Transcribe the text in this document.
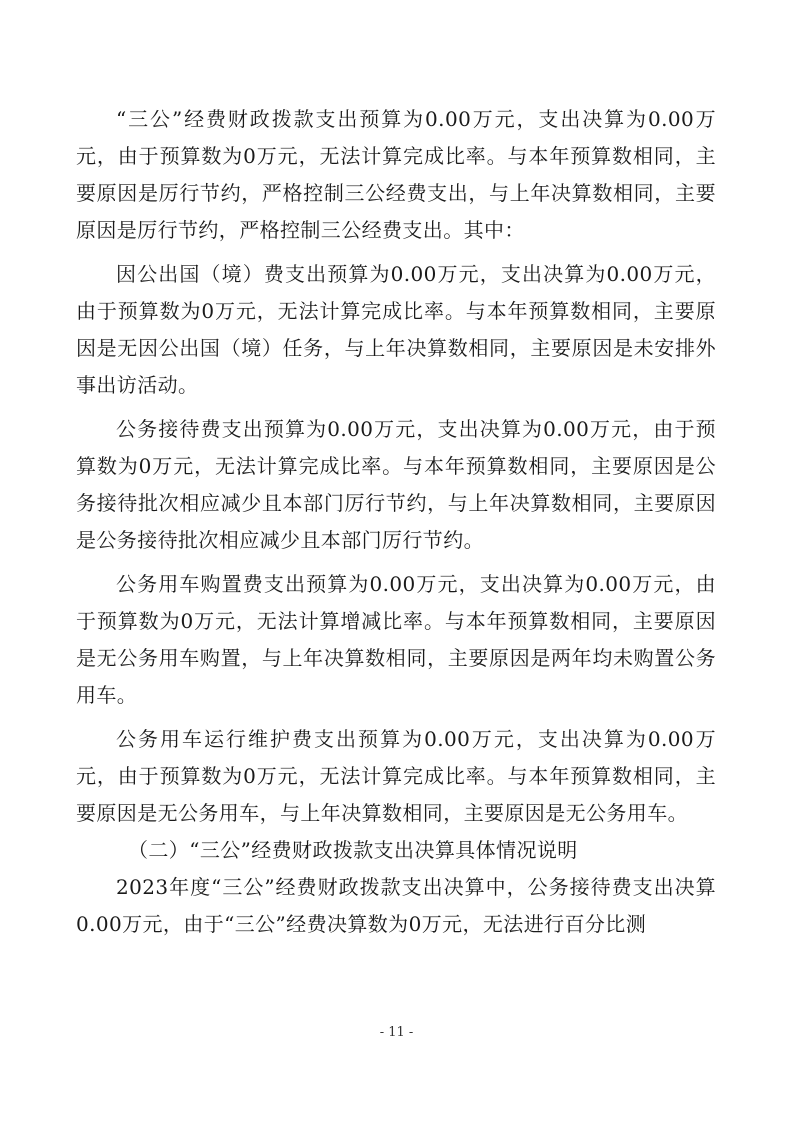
“三公”经费财政拨款支出预算为0.00万元，支出决算为0.00万元，由于预算数为0万元，无法计算完成比率。与本年预算数相同，主要原因是厉行节约，严格控制三公经费支出，与上年决算数相同，主要原因是厉行节约，严格控制三公经费支出。其中：

因公出国（境）费支出预算为0.00万元，支出决算为0.00万元，由于预算数为0万元，无法计算完成比率。与本年预算数相同，主要原因是无因公出国（境）任务，与上年决算数相同，主要原因是未安排外事出访活动。

公务接待费支出预算为0.00万元，支出决算为0.00万元，由于预算数为0万元，无法计算完成比率。与本年预算数相同，主要原因是公务接待批次相应减少且本部门厉行节约，与上年决算数相同，主要原因是公务接待批次相应减少且本部门厉行节约。

公务用车购置费支出预算为0.00万元，支出决算为0.00万元，由于预算数为0万元，无法计算增减比率。与本年预算数相同，主要原因是无公务用车购置，与上年决算数相同，主要原因是两年均未购置公务用车。

公务用车运行维护费支出预算为0.00万元，支出决算为0.00万元，由于预算数为0万元，无法计算完成比率。与本年预算数相同，主要原因是无公务用车，与上年决算数相同，主要原因是无公务用车。

（二）“三公”经费财政拨款支出决算具体情况说明

2023年度“三公”经费财政拨款支出决算中，公务接待费支出决算0.00万元，由于“三公”经费决算数为0万元，无法进行百分比测

- 11 -
